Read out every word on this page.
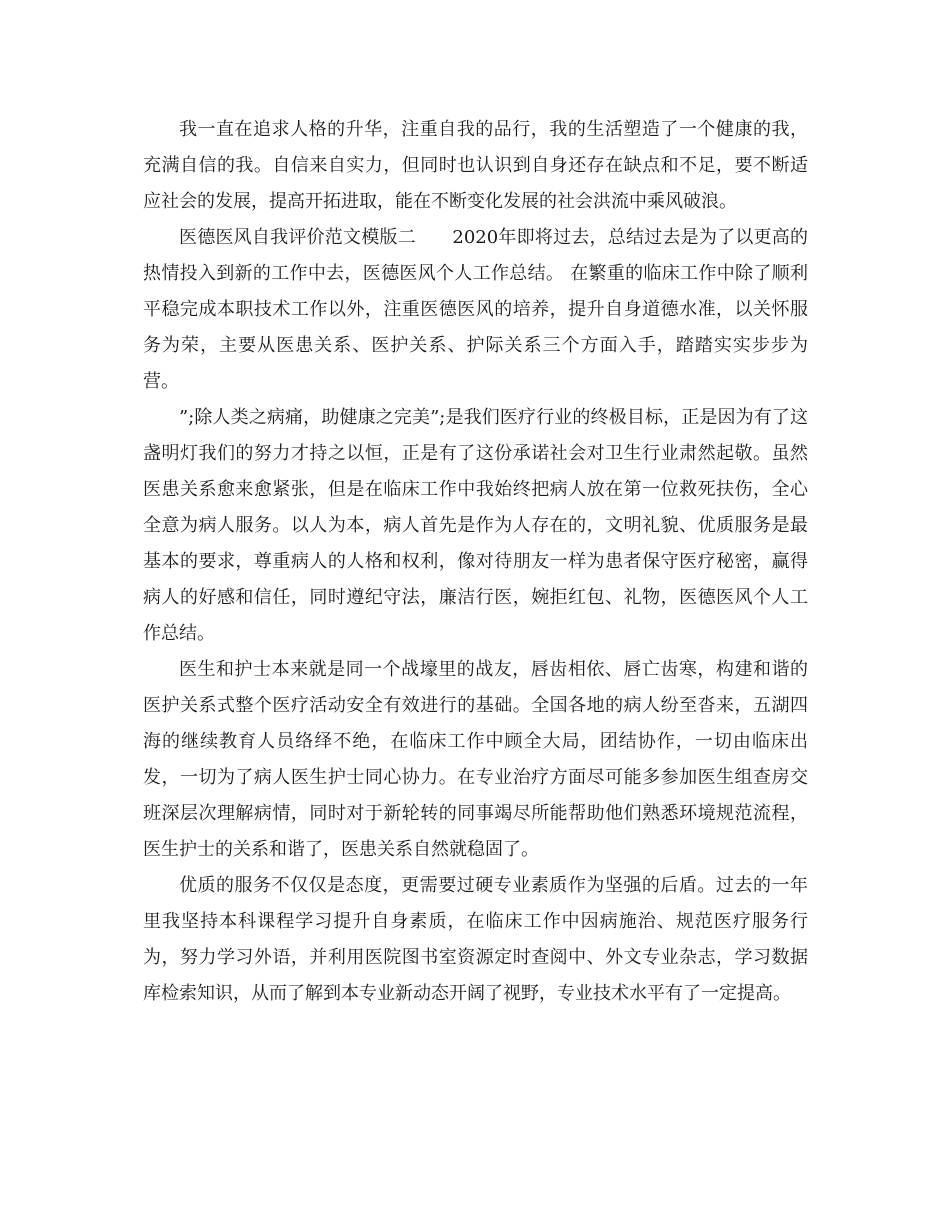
我一直在追求人格的升华，注重自我的品行，我的生活塑造了一个健康的我，充满自信的我。自信来自实力，但同时也认识到自身还存在缺点和不足，要不断适应社会的发展，提高开拓进取，能在不断变化发展的社会洪流中乘风破浪。

医德医风自我评价范文模版二　　2020年即将过去，总结过去是为了以更高的热情投入到新的工作中去，医德医风个人工作总结。 在繁重的临床工作中除了顺利平稳完成本职技术工作以外，注重医德医风的培养，提升自身道德水准，以关怀服务为荣，主要从医患关系、医护关系、护际关系三个方面入手，踏踏实实步步为营。

”;除人类之病痛，助健康之完美”;是我们医疗行业的终极目标，正是因为有了这盏明灯我们的努力才持之以恒，正是有了这份承诺社会对卫生行业肃然起敬。虽然医患关系愈来愈紧张，但是在临床工作中我始终把病人放在第一位救死扶伤，全心全意为病人服务。以人为本，病人首先是作为人存在的，文明礼貌、优质服务是最基本的要求，尊重病人的人格和权利，像对待朋友一样为患者保守医疗秘密，赢得病人的好感和信任，同时遵纪守法，廉洁行医，婉拒红包、礼物，医德医风个人工作总结。

医生和护士本来就是同一个战壕里的战友，唇齿相依、唇亡齿寒，构建和谐的医护关系式整个医疗活动安全有效进行的基础。全国各地的病人纷至沓来，五湖四海的继续教育人员络绎不绝，在临床工作中顾全大局，团结协作，一切由临床出发，一切为了病人医生护士同心协力。在专业治疗方面尽可能多参加医生组查房交班深层次理解病情，同时对于新轮转的同事竭尽所能帮助他们熟悉环境规范流程，医生护士的关系和谐了，医患关系自然就稳固了。

优质的服务不仅仅是态度，更需要过硬专业素质作为坚强的后盾。过去的一年里我坚持本科课程学习提升自身素质，在临床工作中因病施治、规范医疗服务行为，努力学习外语，并利用医院图书室资源定时查阅中、外文专业杂志，学习数据库检索知识，从而了解到本专业新动态开阔了视野，专业技术水平有了一定提高。
